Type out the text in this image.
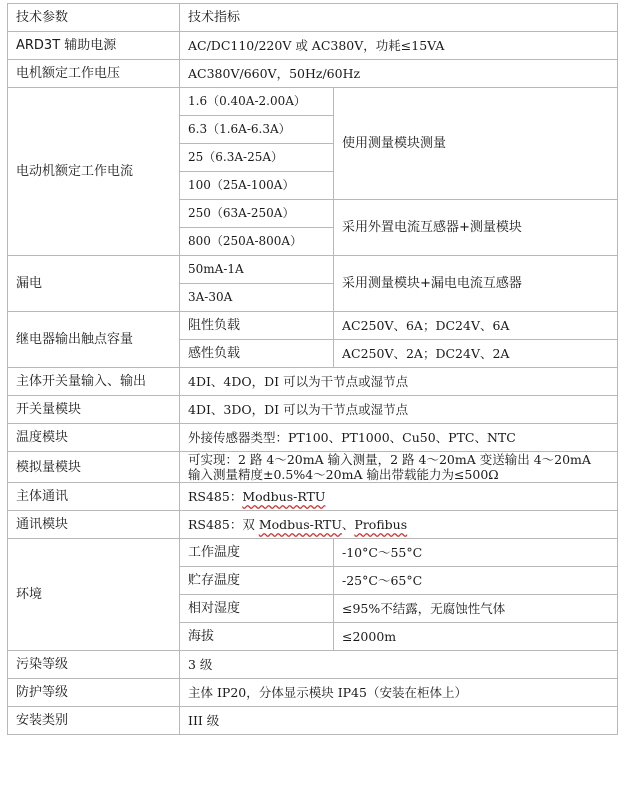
技术参数	技术指标	
ARD3T 辅助电源	AC/DC110/220V 或 AC380V，功耗≤15VA	
电机额定工作电压	AC380V/660V，50Hz/60Hz	
电动机额定工作电流	1.6（0.40A-2.00A）	使用测量模块测量
	6.3（1.6A-6.3A）	
	25（6.3A-25A）	
	100（25A-100A）	
	250（63A-250A）	采用外置电流互感器+测量模块
	800（250A-800A）	
漏电	50mA-1A	采用测量模块+漏电电流互感器
	3A-30A	
继电器输出触点容量	阻性负载	AC250V、6A；DC24V、6A
	感性负载	AC250V、2A；DC24V、2A
主体开关量输入、输出	4DI、4DO，DI 可以为干节点或湿节点	
开关量模块	4DI、3DO，DI 可以为干节点或湿节点	
温度模块	外接传感器类型：PT100、PT1000、Cu50、PTC、NTC	
模拟量模块	可实现：2 路 4～20mA 输入测量，2 路 4～20mA 变送输出 4～20mA
输入测量精度±0.5%4～20mA 输出带载能力为≤500Ω	
主体通讯	RS485：Modbus-RTU	
通讯模块	RS485：双 Modbus-RTU、Profibus	
环境	工作温度	-10°C～55°C
	贮存温度	-25°C～65°C
	相对湿度	≤95%不结露，无腐蚀性气体
	海拔	≤2000m
污染等级	3 级	
防护等级	主体 IP20，分体显示模块 IP45（安装在柜体上）	
安装类别	III 级	
